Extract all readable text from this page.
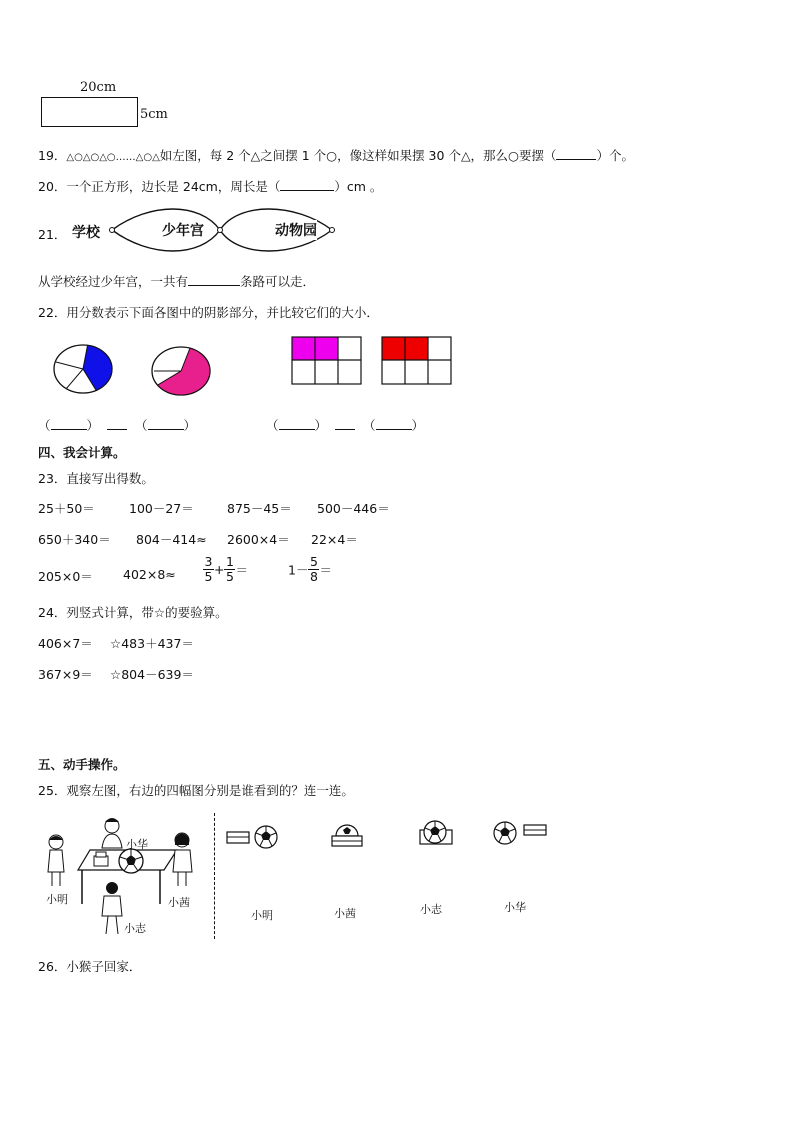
20cm
5cm
19．△○△○△○……△○△如左图，每 2 个△之间摆 1 个○，像这样如果摆 30 个△，那么○要摆（	）个。
20．一个正方形，边长是 24cm，周长是（	）cm 。
21． 学校	少年宫	动物园
从学校经过少年宫，一共有	条路可以走．
22．用分数表示下面各图中的阴影部分，并比较它们的大小．
（	）	（	）	（	）	（	）
四、我会计算。
23．直接写出得数。
25＋50＝	100－27＝	875－45＝ 500－446＝
650＋340＝ 804－414≈ 2600×4＝ 22×4＝
$205\times 0= 402\times 8\approx \frac{3}{5} + \frac{1}{5}$ ＝	$1- \frac{5}{8}$ ＝
24．列竖式计算，带☆的要验算。
406×7＝ ☆483＋437＝
367×9＝ ☆804－639＝
五、动手操作。
25．观察左图，右边的四幅图分别是谁看到的？连一连。
小华
小明	小茜
小志
小明	小茜	小志	小华
26．小猴子回家．
